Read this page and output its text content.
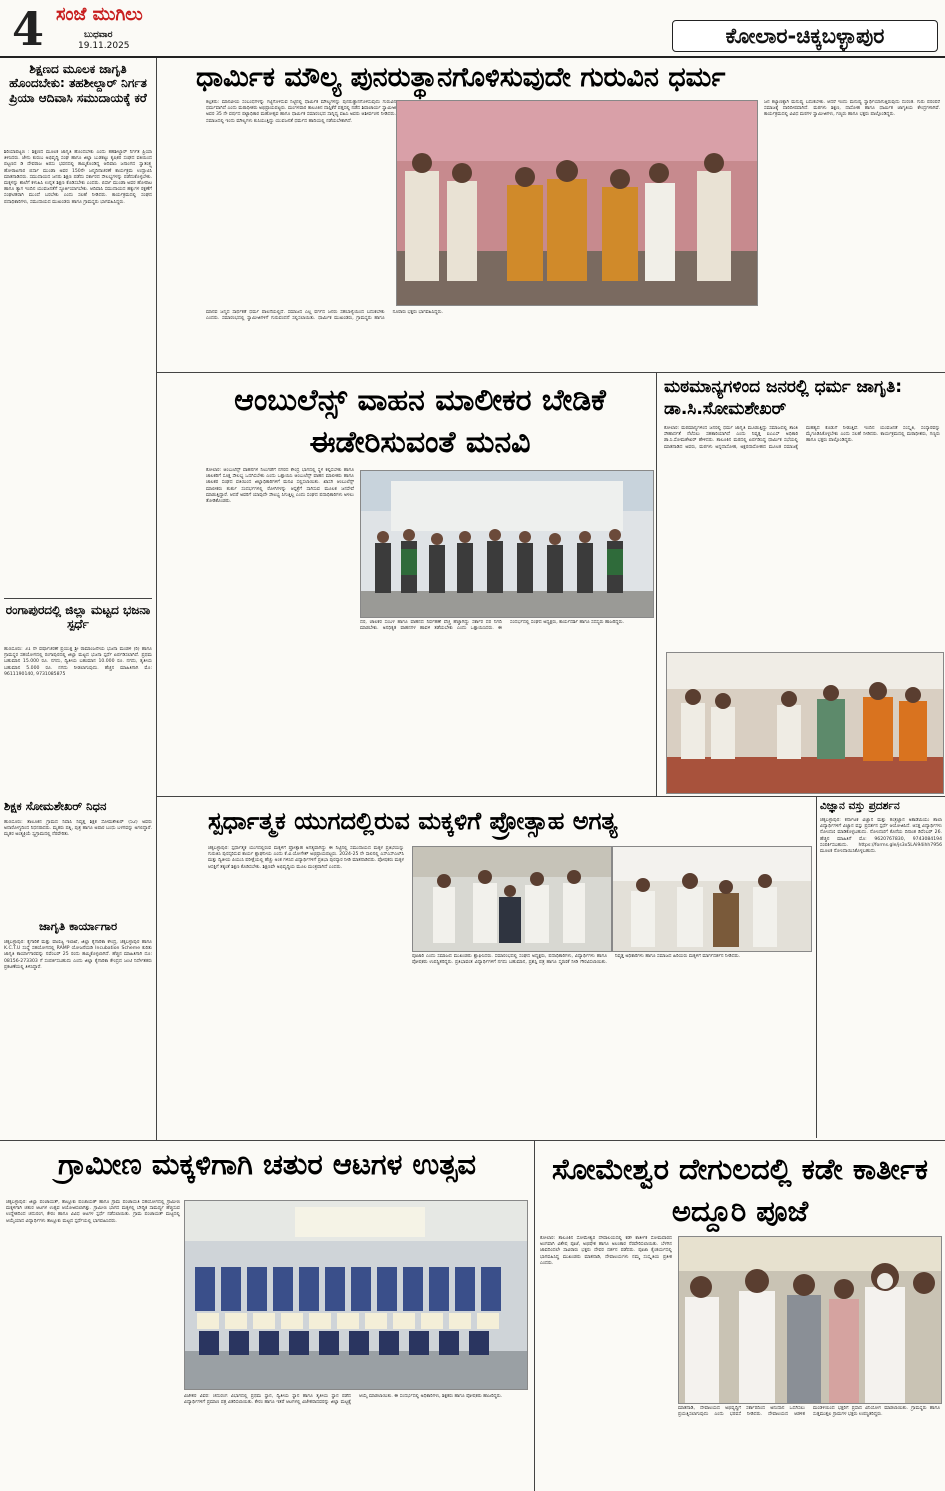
4 ಸಂಜೆ ಮುಗಿಲು
ಬುಧವಾರ
19.11.2025	ಕೋಲಾರ-ಚಿಕ್ಕಬಳ್ಳಾಪುರ
ಶಿಕ್ಷಣದ ಮೂಲಕ ಜಾಗೃತಿ ಹೊಂದಬೇಕು: ತಹಶೀಲ್ದಾರ್ ನಿರ್ಗತ ಪ್ರಿಯಾ ಆದಿವಾಸಿ ಸಮುದಾಯಕ್ಕೆ ಕರೆ
ಶಿರಿಯಾಪಟ್ಟಣ : ಶಿಕ್ಷಣದ ಮೂಲಕ ಜಾಗೃತಿ ಹೊಂದಬೇಕು ಎಂದು ತಹಶೀಲ್ದಾರ್ ನಿರ್ಗತ ಪ್ರಿಯಾ ತಿಳಿಸಿದರು. ಜೇನು ಕುರುಬ ಅಭಿವೃದ್ಧಿ ಸಂಘ ಹಾಗೂ ಜಿಲ್ಲಾ ಬುಡಕಟ್ಟು ಕೃಷಿಕರ ಸಂಘದ ವತಿಯಿಂದ ಪಟ್ಟಣದ ಡಿ ದೇವರಾಜ ಅರಸು ಭವನದಲ್ಲಿ ಹಮ್ಮಿಕೊಂಡಿದ್ದ ಆದಿವಾಸಿ ಜನಾಂಗದ ಸ್ವಾತಂತ್ರ್ಯ ಹೋರಾಟಗಾರ ಬಿರ್ಸಾ ಮುಂಡಾ ಅವರ 150ನೇ ಜನ್ಮದಿನಾಚರಣೆ ಕಾರ್ಯಕ್ರಮ ಉದ್ಘಾಟಿಸಿ ಮಾತನಾಡಿದರು. ಸಮುದಾಯದ ಜನರು ಶಿಕ್ಷಣ ಪಡೆದು ಸರ್ಕಾರದ ಸೌಲಭ್ಯಗಳನ್ನು ಪಡೆದುಕೊಳ್ಳಬೇಕು. ಮಕ್ಕಳನ್ನು ಶಾಲೆಗೆ ಕಳುಹಿಸಿ ಉನ್ನತ ಶಿಕ್ಷಣ ಕೊಡಿಸಬೇಕು ಎಂದರು. ಬಿರ್ಸಾ ಮುಂಡಾ ಅವರ ಹೋರಾಟ ಹಾಗೂ ತ್ಯಾಗ ಇಂದಿನ ಯುವಜನತೆಗೆ ಸ್ಫೂರ್ತಿಯಾಗಬೇಕು. ಆದಿವಾಸಿ ಸಮುದಾಯದ ಹಕ್ಕುಗಳ ರಕ್ಷಣೆಗೆ ಸಂಘಟಿತರಾಗಿ ಮುಂದೆ ಬರಬೇಕು ಎಂದು ಸಲಹೆ ನೀಡಿದರು. ಕಾರ್ಯಕ್ರಮದಲ್ಲಿ ಸಂಘದ ಪದಾಧಿಕಾರಿಗಳು, ಸಮುದಾಯದ ಮುಖಂಡರು ಹಾಗೂ ಗ್ರಾಮಸ್ಥರು ಭಾಗವಹಿಸಿದ್ದರು.
ರಂಗಾಪುರದಲ್ಲಿ ಜಿಲ್ಲಾ ಮಟ್ಟದ ಭಜನಾ ಸ್ಪರ್ಧೆ
ಹುಣಸೂರು: 31 ನೇ ವರ್ಷಾಚರಣೆ ಪ್ರಯುಕ್ತ ಶ್ರೀ ರಾಮಾಂಜನೇಯ ಭಜನಾ ಮಂಡಳಿ (ರಿ) ಹಾಗೂ ಗ್ರಾಮಸ್ಥರ ಸಹಯೋಗದಲ್ಲಿ ರಂಗಾಪುರದಲ್ಲಿ ಜಿಲ್ಲಾ ಮಟ್ಟದ ಭಜನಾ ಸ್ಪರ್ಧೆ ಏರ್ಪಡಿಸಲಾಗಿದೆ. ಪ್ರಥಮ ಬಹುಮಾನ 15.000 ರೂ. ನಗದು, ದ್ವಿತೀಯ ಬಹುಮಾನ 10.000 ರೂ. ನಗದು, ತೃತೀಯ ಬಹುಮಾನ 5.000 ರೂ. ನಗದು ನೀಡಲಾಗುವುದು. ಹೆಚ್ಚಿನ ಮಾಹಿತಿಗಾಗಿ ಮೊ: 9611190140, 9731085875
ಶಿಕ್ಷಕ ಸೋಮಶೇಖರ್ ನಿಧನ
ಹುಣಸೂರು: ತಾಲೂಕಿನ ಗ್ರಾಮದ ನಿವಾಸಿ ನಿವೃತ್ತ ಶಿಕ್ಷಕ ಸೋಮಶೇಖರ್ (52) ಅವರು ಅನಾರೋಗ್ಯದಿಂದ ನಿಧನರಾದರು. ಮೃತರು ಪತ್ನಿ, ಪುತ್ರ ಹಾಗೂ ಅಪಾರ ಬಂಧು ಬಳಗವನ್ನು ಅಗಲಿದ್ದಾರೆ. ಮೃತರ ಅಂತ್ಯಕ್ರಿಯೆ ಸ್ವಗ್ರಾಮದಲ್ಲಿ ನೆರವೇರಿತು.
ಜಾಗೃತಿ ಕಾರ್ಯಾಗಾರ
ಚಿಕ್ಕಬಳ್ಳಾಪುರ: ಕೈಗಾರಿಕೆ ಮತ್ತು ವಾಣಿಜ್ಯ ಇಲಾಖೆ, ಜಿಲ್ಲಾ ಕೈಗಾರಿಕಾ ಕೇಂದ್ರ, ಚಿಕ್ಕಬಳ್ಳಾಪುರ ಹಾಗೂ K.C.T.U ಸಂಸ್ಥೆ ಸಹಯೋಗದಲ್ಲಿ RAMP ಯೋಜನೆಯಡಿ Incubation Scheme ಕುರಿತು ಜಾಗೃತಿ ಕಾರ್ಯಾಗಾರವನ್ನು ನವೆಂಬರ್ 25 ರಂದು ಹಮ್ಮಿಕೊಳ್ಳಲಾಗಿದೆ. ಹೆಚ್ಚಿನ ಮಾಹಿತಿಗಾಗಿ ದೂ: 08156-273303 ಗೆ ಸಂಪರ್ಕಿಸಬಹುದು ಎಂದು ಜಿಲ್ಲಾ ಕೈಗಾರಿಕಾ ಕೇಂದ್ರದ ಜಂಟಿ ನಿರ್ದೇಶಕರು ಪ್ರಕಟಣೆಯಲ್ಲಿ ತಿಳಿಸಿದ್ದಾರೆ.
ಧಾರ್ಮಿಕ ಮೌಲ್ಯ ಪುನರುತ್ಥಾನಗೊಳಿಸುವುದೇ ಗುರುವಿನ ಧರ್ಮ
ಕಲ್ಪತರು: ಮಾನವೀಯ ಸಂಬಂಧಗಳನ್ನು ಗಟ್ಟಿಗೊಳಿಸುವ ನಿಟ್ಟಿನಲ್ಲಿ ಧಾರ್ಮಿಕ ಮೌಲ್ಯಗಳನ್ನು ಪುನರುತ್ಥಾನಗೊಳಿಸುವುದು ಗುರುವಿನ ಧರ್ಮವಾಗಿದೆ ಎಂದು ಮಠಾಧೀಶರು ಅಭಿಪ್ರಾಯಪಟ್ಟರು. ಮಂಗಳವಾರ ತಾಲೂಕಿನ ದಾಸ್ತಿಕೆರೆ ಪತ್ತದಲ್ಲಿ ನಡೆದ ಶಿವಾಚಾರ್ಯ ಸ್ವಾಮೀಜಿ ಅವರ 35 ನೇ ವರ್ಷದ ಪಟ್ಟಾಧಿಕಾರ ಮಹೋತ್ಸವ ಹಾಗೂ ಧಾರ್ಮಿಕ ಸಮಾರಂಭದ ಸಾನ್ನಿಧ್ಯ ವಹಿಸಿ ಅವರು ಆಶೀರ್ವಚನ ನೀಡಿದರು. ಸಮಾಜದಲ್ಲಿ ಇಂದು ಮೌಲ್ಯಗಳು ಕುಸಿಯುತ್ತಿದ್ದು ಯುವಜನತೆ ಧರ್ಮದ ಹಾದಿಯಲ್ಲಿ ನಡೆಯಬೇಕಾಗಿದೆ.
ಜನ ಕಲ್ಯಾಣಕ್ಕಾಗಿ ಮನುಷ್ಯ ಬದುಕಬೇಕು. ಆದರೆ ಇಂದು ಮನುಷ್ಯ ಸ್ವಾರ್ಥಿಯಾಗುತ್ತಿರುವುದು ದುರಂತ. ಗುರು ಪರಂಪರೆ ಸಮಾಜಕ್ಕೆ ದಾರಿದೀಪವಾಗಿದೆ. ಮಠಗಳು ಶಿಕ್ಷಣ, ದಾಸೋಹ ಹಾಗೂ ಧಾರ್ಮಿಕ ಜಾಗೃತಿಯ ಕೇಂದ್ರಗಳಾಗಿವೆ. ಕಾರ್ಯಕ್ರಮದಲ್ಲಿ ವಿವಿಧ ಮಠಗಳ ಸ್ವಾಮೀಜಿಗಳು, ಗಣ್ಯರು ಹಾಗೂ ಭಕ್ತರು ಪಾಲ್ಗೊಂಡಿದ್ದರು.
ಮಾನವ ಜನ್ಮದ ಸಾರ್ಥಕತೆ ಧರ್ಮ ಪಾಲನೆಯಲ್ಲಿದೆ. ಸಮಾಜದ ಎಲ್ಲ ವರ್ಗದ ಜನರು ಸಹಬಾಳ್ವೆಯಿಂದ ಬದುಕಬೇಕು ಎಂದರು. ಸಮಾರಂಭದಲ್ಲಿ ಸ್ವಾಮೀಜಿಗಳಿಗೆ ಗುರುವಂದನೆ ಸಲ್ಲಿಸಲಾಯಿತು. ಧಾರ್ಮಿಕ ಮುಖಂಡರು, ಗ್ರಾಮಸ್ಥರು ಹಾಗೂ ನೂರಾರು ಭಕ್ತರು ಭಾಗವಹಿಸಿದ್ದರು.
ಆಂಬುಲೆನ್ಸ್ ವಾಹನ ಮಾಲೀಕರ ಬೇಡಿಕೆ ಈಡೇರಿಸುವಂತೆ ಮನವಿ
ಕೋಲಾರ: ಆಂಬುಲೆನ್ಸ್ ವಾಹನಗಳ ನಿಲುಗಡೆಗೆ ನಗರದ ಕೇಂದ್ರ ಭಾಗದಲ್ಲಿ ಸ್ಥಳ ಕಲ್ಪಿಸಬೇಕು ಹಾಗೂ ಚಾಲಕರಿಗೆ ಸೂಕ್ತ ಸೌಲಭ್ಯ ಒದಗಿಸಬೇಕು ಎಂದು ಒತ್ತಾಯಿಸಿ ಆಂಬುಲೆನ್ಸ್ ವಾಹನ ಮಾಲೀಕರು ಹಾಗೂ ಚಾಲಕರ ಸಂಘದ ವತಿಯಿಂದ ಜಿಲ್ಲಾಧಿಕಾರಿಗಳಿಗೆ ಮನವಿ ಸಲ್ಲಿಸಲಾಯಿತು. ಖಾಸಗಿ ಆಂಬುಲೆನ್ಸ್ ಮಾಲೀಕರು ತುರ್ತು ಸಂದರ್ಭಗಳಲ್ಲಿ ರೋಗಿಗಳನ್ನು ಆಸ್ಪತ್ರೆಗೆ ಸಾಗಿಸುವ ಮೂಲಕ ಜನಸೇವೆ ಮಾಡುತ್ತಿದ್ದಾರೆ. ಆದರೆ ಅವರಿಗೆ ಯಾವುದೇ ಸೌಲಭ್ಯ ಸಿಗುತ್ತಿಲ್ಲ ಎಂದು ಸಂಘದ ಪದಾಧಿಕಾರಿಗಳು ಅಳಲು ತೋಡಿಕೊಂಡರು.
ದರ, ಚಾಲಕರ ಸಂಬಳ ಹಾಗೂ ವಾಹನದ ನಿರ್ವಹಣೆ ವೆಚ್ಚ ಹೆಚ್ಚಾಗಿದ್ದು ಸರ್ಕಾರ ದರ ನಿಗದಿ ಮಾಡಬೇಕು. ಅನಧಿಕೃತ ವಾಹನಗಳ ಹಾವಳಿ ತಡೆಯಬೇಕು ಎಂದು ಒತ್ತಾಯಿಸಿದರು. ಈ ಸಂದರ್ಭದಲ್ಲಿ ಸಂಘದ ಅಧ್ಯಕ್ಷರು, ಕಾರ್ಯದರ್ಶಿ ಹಾಗೂ ಸದಸ್ಯರು ಹಾಜರಿದ್ದರು.
ಮಠಮಾನ್ಯಗಳಿಂದ ಜನರಲ್ಲಿ ಧರ್ಮ ಜಾಗೃತಿ: ಡಾ.ಸಿ.ಸೋಮಶೇಖರ್
ಕೋಲಾರ: ಮಠಮಾನ್ಯಗಳಿಂದ ಜನರಲ್ಲಿ ಧರ್ಮ ಜಾಗೃತಿ ಮೂಡುತ್ತಿದ್ದು ಸಮಾಜದಲ್ಲಿ ಶಾಂತಿ ಸೌಹಾರ್ದತೆ ನೆಲೆಸಲು ಸಹಕಾರಿಯಾಗಿದೆ ಎಂದು ನಿವೃತ್ತ ಐಎಎಸ್ ಅಧಿಕಾರಿ ಡಾ.ಸಿ.ಸೋಮಶೇಖರ್ ಹೇಳಿದರು. ತಾಲೂಕಿನ ಮಠದಲ್ಲಿ ಏರ್ಪಡಿಸಿದ್ದ ಧಾರ್ಮಿಕ ಸಭೆಯಲ್ಲಿ ಮಾತನಾಡಿದ ಅವರು, ಮಠಗಳು ಅನ್ನದಾಸೋಹ, ಅಕ್ಷರದಾಸೋಹದ ಮೂಲಕ ಸಮಾಜಕ್ಕೆ ಮಹತ್ವದ ಕೊಡುಗೆ ನೀಡುತ್ತಿವೆ. ಇಂದಿನ ಯುವಜನತೆ ಸಂಸ್ಕೃತಿ, ಸಂಸ್ಕಾರವನ್ನು ಮೈಗೂಡಿಸಿಕೊಳ್ಳಬೇಕು ಎಂದು ಸಲಹೆ ನೀಡಿದರು. ಕಾರ್ಯಕ್ರಮದಲ್ಲಿ ಮಠಾಧೀಶರು, ಗಣ್ಯರು ಹಾಗೂ ಭಕ್ತರು ಪಾಲ್ಗೊಂಡಿದ್ದರು.
ಸ್ಪರ್ಧಾತ್ಮಕ ಯುಗದಲ್ಲಿರುವ ಮಕ್ಕಳಿಗೆ ಪ್ರೋತ್ಸಾಹ ಅಗತ್ಯ
ಚಿಕ್ಕಬಳ್ಳಾಪುರ: ಸ್ಪರ್ಧಾತ್ಮಕ ಯುಗದಲ್ಲಿರುವ ಮಕ್ಕಳಿಗೆ ಪ್ರೋತ್ಸಾಹ ಅಗತ್ಯವಾಗಿದ್ದು ಈ ನಿಟ್ಟಿನಲ್ಲಿ ಸಮುದಾಯದ ಮಕ್ಕಳ ಪ್ರತಿಭೆಯನ್ನು ಗುರುತಿಸಿ ಪುರಸ್ಕರಿಸುವ ಕಾರ್ಯ ಶ್ಲಾಘನೀಯ ಎಂದು ಕೆ.ವಿ.ಯೋಗೇಶ್ ಅಭಿಪ್ರಾಯಪಟ್ಟರು. 2024-25 ನೇ ಸಾಲಿನಲ್ಲಿ ಎಸ್‌ಎಸ್‌ಎಲ್‌ಸಿ ಮತ್ತು ದ್ವಿತೀಯ ಪಿಯುಸಿ ಪರೀಕ್ಷೆಯಲ್ಲಿ ಹೆಚ್ಚು ಅಂಕ ಗಳಿಸಿದ ವಿದ್ಯಾರ್ಥಿಗಳಿಗೆ ಪ್ರತಿಭಾ ಪುರಸ್ಕಾರ ನೀಡಿ ಮಾತನಾಡಿದರು. ಪೋಷಕರು ಮಕ್ಕಳ ಆಸಕ್ತಿಗೆ ತಕ್ಕಂತೆ ಶಿಕ್ಷಣ ಕೊಡಿಸಬೇಕು. ಶಿಕ್ಷಣವೇ ಅಭಿವೃದ್ಧಿಯ ಮೂಲ ಮಂತ್ರವಾಗಿದೆ ಎಂದರು.
ಪೂಜಾರಿ ಎಂದು ಸಮಾಜದ ಮುಖಂಡರು ಶ್ಲಾಘಿಸಿದರು. ಸಮಾರಂಭದಲ್ಲಿ ಸಂಘದ ಅಧ್ಯಕ್ಷರು, ಪದಾಧಿಕಾರಿಗಳು, ವಿದ್ಯಾರ್ಥಿಗಳು ಹಾಗೂ ಪೋಷಕರು ಉಪಸ್ಥಿತರಿದ್ದರು. ಪ್ರತಿಭಾವಂತ ವಿದ್ಯಾರ್ಥಿಗಳಿಗೆ ನಗದು ಬಹುಮಾನ, ಪ್ರಶಸ್ತಿ ಪತ್ರ ಹಾಗೂ ಸ್ಮರಣಿಕೆ ನೀಡಿ ಗೌರವಿಸಲಾಯಿತು. ನಿವೃತ್ತ ಅಧಿಕಾರಿಗಳು ಹಾಗೂ ಸಮಾಜದ ಹಿರಿಯರು ಮಕ್ಕಳಿಗೆ ಮಾರ್ಗದರ್ಶನ ನೀಡಿದರು.
ವಿಜ್ಞಾನ ವಸ್ತು ಪ್ರದರ್ಶನ
ಚಿಕ್ಕಬಳ್ಳಾಪುರ: ಕರ್ನಾಟಕ ವಿಜ್ಞಾನ ಮತ್ತು ತಂತ್ರಜ್ಞಾನ ಅಕಾಡೆಮಿಯು ಶಾಲಾ ವಿದ್ಯಾರ್ಥಿಗಳಿಗೆ ವಿಜ್ಞಾನ ವಸ್ತು ಪ್ರದರ್ಶನ ಸ್ಪರ್ಧೆ ಆಯೋಜಿಸಿದೆ. ಆಸಕ್ತ ವಿದ್ಯಾರ್ಥಿಗಳು ನೋಂದಣಿ ಮಾಡಿಕೊಳ್ಳಬಹುದು. ನೋಂದಣಿಗೆ ಕೊನೆಯ ದಿನಾಂಕ ಡಿಸೆಂಬರ್ 26. ಹೆಚ್ಚಿನ ಮಾಹಿತಿಗೆ ಮೊ: 9620767830, 9743084194 ಸಂಪರ್ಕಿಸಬಹುದು. https://forms.gle/js3x5LAi94ihh7956 ಮೂಲಕ ನೋಂದಾಯಿಸಿಕೊಳ್ಳಬಹುದು.
ಗ್ರಾಮೀಣ ಮಕ್ಕಳಿಗಾಗಿ ಚತುರ ಆಟಗಳ ಉತ್ಸವ
ಚಿಕ್ಕಬಳ್ಳಾಪುರ: ಜಿಲ್ಲಾ ಪಂಚಾಯತ್, ತಾಲ್ಲೂಕು ಪಂಚಾಯತ್ ಹಾಗೂ ಗ್ರಾಮ ಪಂಚಾಯತಿ ಸಹಯೋಗದಲ್ಲಿ ಗ್ರಾಮೀಣ ಮಕ್ಕಳಿಗಾಗಿ ಚತುರ ಆಟಗಳ ಉತ್ಸವ ಆಯೋಜಿಸಲಾಗಿತ್ತು. ಗ್ರಾಮೀಣ ಭಾಗದ ಮಕ್ಕಳಲ್ಲಿ ಬೌದ್ಧಿಕ ಸಾಮರ್ಥ್ಯ ಹೆಚ್ಚಿಸುವ ಉದ್ದೇಶದಿಂದ ಚದುರಂಗ, ಕೇರಂ ಹಾಗೂ ವಿವಿಧ ಆಟಗಳ ಸ್ಪರ್ಧೆ ನಡೆಸಲಾಯಿತು. ಗ್ರಾಮ ಪಂಚಾಯತ್ ಮಟ್ಟದಲ್ಲಿ ಆಯ್ಕೆಯಾದ ವಿದ್ಯಾರ್ಥಿಗಳು ತಾಲ್ಲೂಕು ಮಟ್ಟದ ಸ್ಪರ್ಧೆಯಲ್ಲಿ ಭಾಗವಹಿಸಿದರು.
ವಿಜೇತರ ವಿವರ: ಚದುರಂಗ ವಿಭಾಗದಲ್ಲಿ ಪ್ರಥಮ ಸ್ಥಾನ, ದ್ವಿತೀಯ ಸ್ಥಾನ ಹಾಗೂ ತೃತೀಯ ಸ್ಥಾನ ಪಡೆದ ವಿದ್ಯಾರ್ಥಿಗಳಿಗೆ ಪ್ರಮಾಣ ಪತ್ರ ವಿತರಿಸಲಾಯಿತು. ಕೇರಂ ಹಾಗೂ ಇತರೆ ಆಟಗಳಲ್ಲಿ ವಿಜೇತರಾದವರನ್ನು ಜಿಲ್ಲಾ ಮಟ್ಟಕ್ಕೆ ಆಯ್ಕೆ ಮಾಡಲಾಯಿತು. ಈ ಸಂದರ್ಭದಲ್ಲಿ ಅಧಿಕಾರಿಗಳು, ಶಿಕ್ಷಕರು ಹಾಗೂ ಪೋಷಕರು ಹಾಜರಿದ್ದರು.
ಸೋಮೇಶ್ವರ ದೇಗುಲದಲ್ಲಿ ಕಡೇ ಕಾರ್ತೀಕ ಅದ್ದೂರಿ ಪೂಜೆ
ಕೋಲಾರ: ತಾಲೂಕಿನ ಸೋಮೇಶ್ವರ ದೇವಾಲಯದಲ್ಲಿ ಕಡೇ ಕಾರ್ತೀಕ ಸೋಮವಾರದ ಅಂಗವಾಗಿ ವಿಶೇಷ ಪೂಜೆ, ಅಭಿಷೇಕ ಹಾಗೂ ಅಲಂಕಾರ ನೆರವೇರಿಸಲಾಯಿತು. ಬೆಳಗಿನ ಜಾವದಿಂದಲೇ ಸಾವಿರಾರು ಭಕ್ತರು ದೇವರ ದರ್ಶನ ಪಡೆದರು. ಪೂಜಾ ಕೈಂಕರ್ಯದಲ್ಲಿ ಭಾಗವಹಿಸಿದ್ದ ಮುಖಂಡರು ಮಾತನಾಡಿ, ದೇವಾಲಯಗಳು ನಮ್ಮ ಸಂಸ್ಕೃತಿಯ ಪ್ರತೀಕ ಎಂದರು.
ಮಾತನಾಡಿ, ದೇವಾಲಯದ ಅಭಿವೃದ್ಧಿಗೆ ಸರ್ಕಾರದಿಂದ ಅನುದಾನ ಒದಗಿಸಲು ಪ್ರಯತ್ನಿಸಲಾಗುವುದು ಎಂದು ಭರವಸೆ ನೀಡಿದರು. ದೇವಾಲಯದ ಆಡಳಿತ ಮಂಡಳಿಯಿಂದ ಭಕ್ತರಿಗೆ ಪ್ರಸಾದ ವಿನಿಯೋಗ ಮಾಡಲಾಯಿತು. ಗ್ರಾಮಸ್ಥರು ಹಾಗೂ ಸುತ್ತಮುತ್ತಲ ಗ್ರಾಮಗಳ ಭಕ್ತರು ಉಪಸ್ಥಿತರಿದ್ದರು.
